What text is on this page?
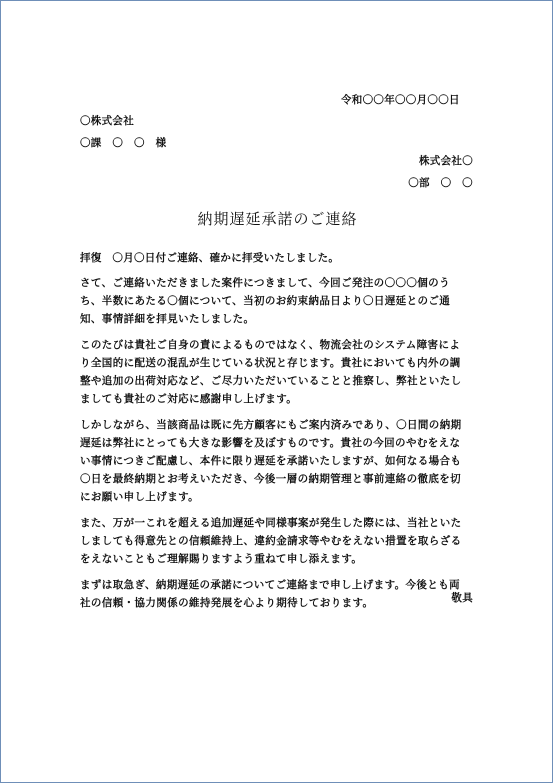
令和〇〇年〇〇月〇〇日
〇株式会社
〇課　〇　〇　様
株式会社〇
〇部　〇　〇
納期遅延承諾のご連絡
拝復　〇月〇日付ご連絡、確かに拝受いたしました。
さて、ご連絡いただきました案件につきまして、今回ご発注の〇〇〇個のう
ち、半数にあたる〇個について、当初のお約束納品日より〇日遅延とのご通
知、事情詳細を拝見いたしました。
このたびは貴社ご自身の責によるものではなく、物流会社のシステム障害によ
り全国的に配送の混乱が生じている状況と存じます。貴社においても内外の調
整や追加の出荷対応など、ご尽力いただいていることと推察し、弊社といたし
ましても貴社のご対応に感謝申し上げます。
しかしながら、当該商品は既に先方顧客にもご案内済みであり、〇日間の納期
遅延は弊社にとっても大きな影響を及ぼすものです。貴社の今回のやむをえな
い事情につきご配慮し、本件に限り遅延を承諾いたしますが、如何なる場合も
〇日を最終納期とお考えいただき、今後一層の納期管理と事前連絡の徹底を切
にお願い申し上げます。
また、万が一これを超える追加遅延や同様事案が発生した際には、当社といた
しましても得意先との信頼維持上、違約金請求等やむをえない措置を取らざる
をえないこともご理解賜りますよう重ねて申し添えます。
まずは取急ぎ、納期遅延の承諾についてご連絡まで申し上げます。今後とも両
社の信頼・協力関係の維持発展を心より期待しております。	敬具
